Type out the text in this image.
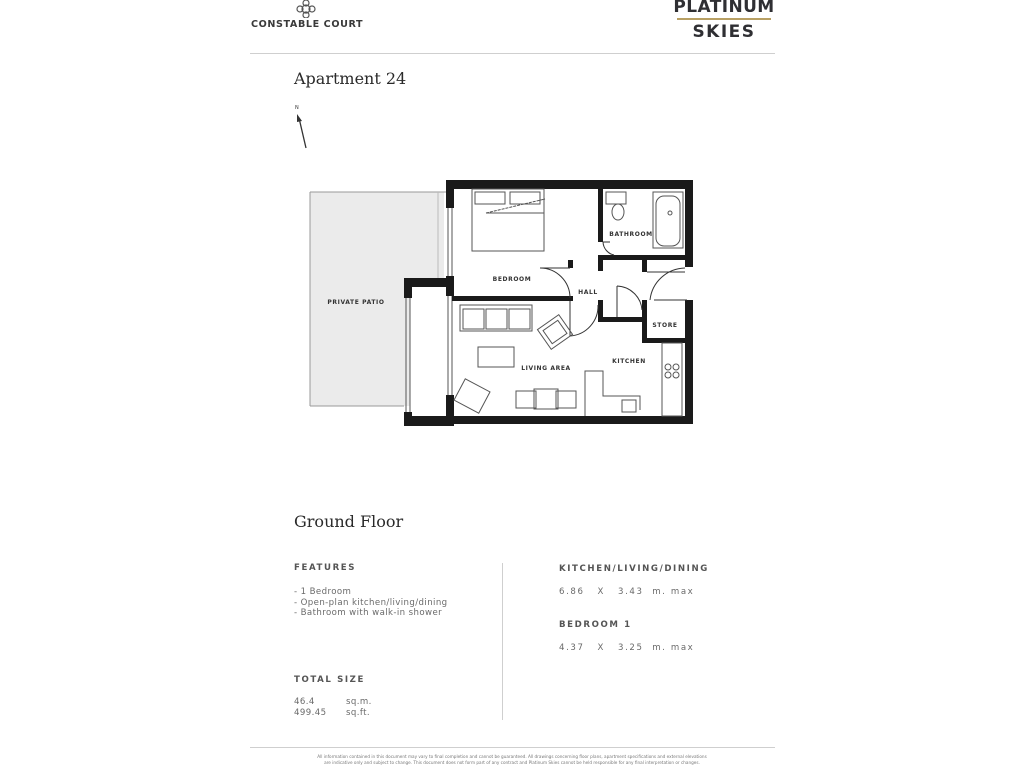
CONSTABLE COURT
PLATINUM
SKIES
Apartment 24
N
PRIVATE PATIO
BEDROOM
BATHROOM
HALL
STORE
LIVING AREA
KITCHEN
Ground Floor
FEATURES
- 1 Bedroom
- Open-plan kitchen/living/dining
- Bathroom with walk-in shower
TOTAL SIZE
46.4	sq.m.
499.45 sq.ft.
KITCHEN/LIVING/DINING
6.86   X   3.43  m. max
BEDROOM 1
4.37   X   3.25  m. max
All information contained in this document may vary to final completion and cannot be guaranteed. All drawings concerning floor plans, apartment specifications and external elevations
are indicative only and subject to change. This document does not form part of any contract and Platinum Skies cannot be held responsible for any final interpretation or changes.
